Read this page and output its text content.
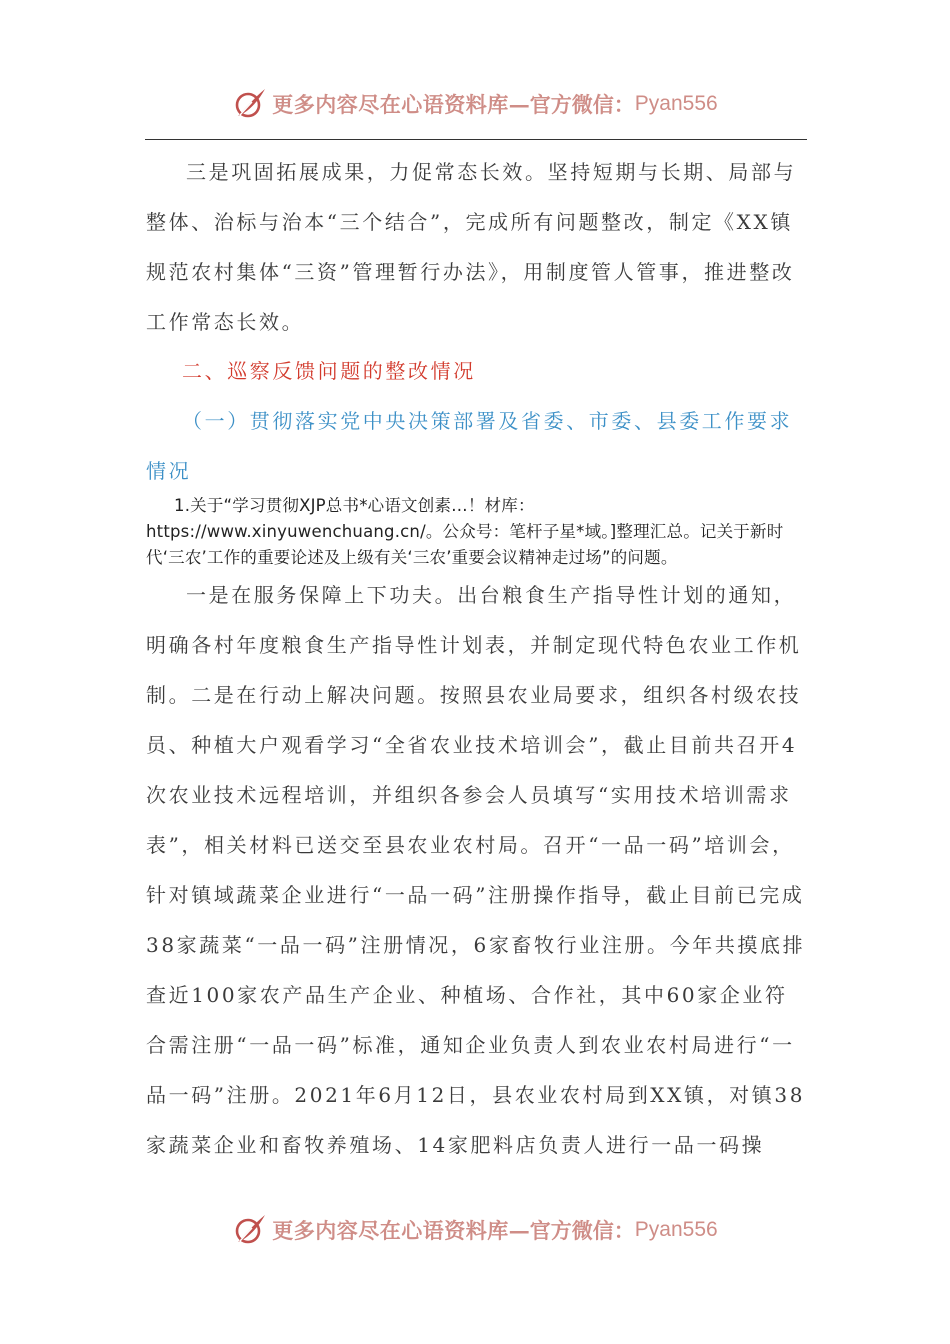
更多内容尽在心语资料库 — 官方微信： Pyan556

三是巩固拓展成果，力促常态长效。坚持短期与长期、局部与整体、治标与治本“三个结合”，完成所有问题整改，制定《XX镇规范农村集体“三资”管理暂行办法》，用制度管人管事，推进整改工作常态长效。

二、巡察反馈问题的整改情况

（一）贯彻落实党中央决策部署及省委、市委、县委工作要求情况

1.关于“学习贯彻XJP总书*心语文创素…！材库：https://www.xinyuwenchuang.cn/。公众号：笔杆子星*域。]整理汇总。记关于新时代‘三农’工作的重要论述及上级有关‘三农’重要会议精神走过场”的问题。

一是在服务保障上下功夫。出台粮食生产指导性计划的通知，明确各村年度粮食生产指导性计划表，并制定现代特色农业工作机制。二是在行动上解决问题。按照县农业局要求，组织各村级农技员、种植大户观看学习“全省农业技术培训会”，截止目前共召开4次农业技术远程培训，并组织各参会人员填写“实用技术培训需求表”，相关材料已送交至县农业农村局。召开“一品一码”培训会，针对镇域蔬菜企业进行“一品一码”注册操作指导，截止目前已完成38家蔬菜“一品一码”注册情况，6家畜牧行业注册。今年共摸底排查近100家农产品生产企业、种植场、合作社，其中60家企业符合需注册“一品一码”标准，通知企业负责人到农业农村局进行“一品一码”注册。2021年6月12日，县农业农村局到XX镇，对镇38家蔬菜企业和畜牧养殖场、14家肥料店负责人进行一品一码操

更多内容尽在心语资料库 — 官方微信： Pyan556
